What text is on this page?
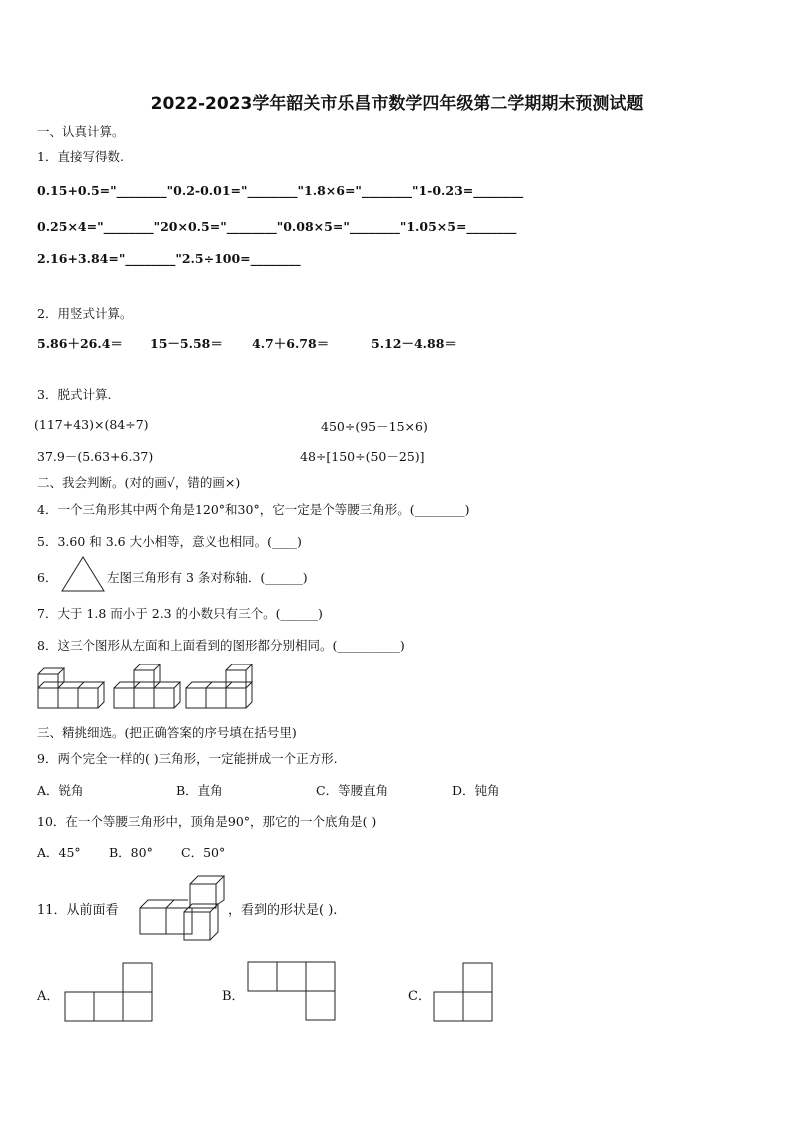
2022-2023学年韶关市乐昌市数学四年级第二学期期末预测试题
一、认真计算。
1．直接写得数.
0.15+0.5="________"0.2-0.01="________"1.8×6="________"1-0.23=________
0.25×4="________"20×0.5="________"0.08×5="________"1.05×5=________
2.16+3.84="________"2.5÷100=________
2．用竖式计算。
5.86＋26.4＝ 15－5.58＝ 4.7＋6.78＝	5.12－4.88＝
3．脱式计算.
(117+43)×(84÷7)	450÷(95－15×6)
37.9－(5.63+6.37)	48÷[150÷(50－25)]
二、我会判断。(对的画√，错的画×)
4．一个三角形其中两个角是120°和30°，它一定是个等腰三角形。(________)
5．3.60 和 3.6 大小相等，意义也相同。(____)
6．	左图三角形有 3 条对称轴．(______)
7．大于 1.8 而小于 2.3 的小数只有三个。(______)
8．这三个图形从左面和上面看到的图形都分别相同。(__________)
三、精挑细选。(把正确答案的序号填在括号里)
9．两个完全一样的( )三角形，一定能拼成一个正方形.
A．锐角	B．直角	C．等腰直角	D．钝角
10．在一个等腰三角形中，顶角是90°，那它的一个底角是( )
A．45° B．80° C．50°
11．从前面看	，看到的形状是( ).
A．	B．	C．
